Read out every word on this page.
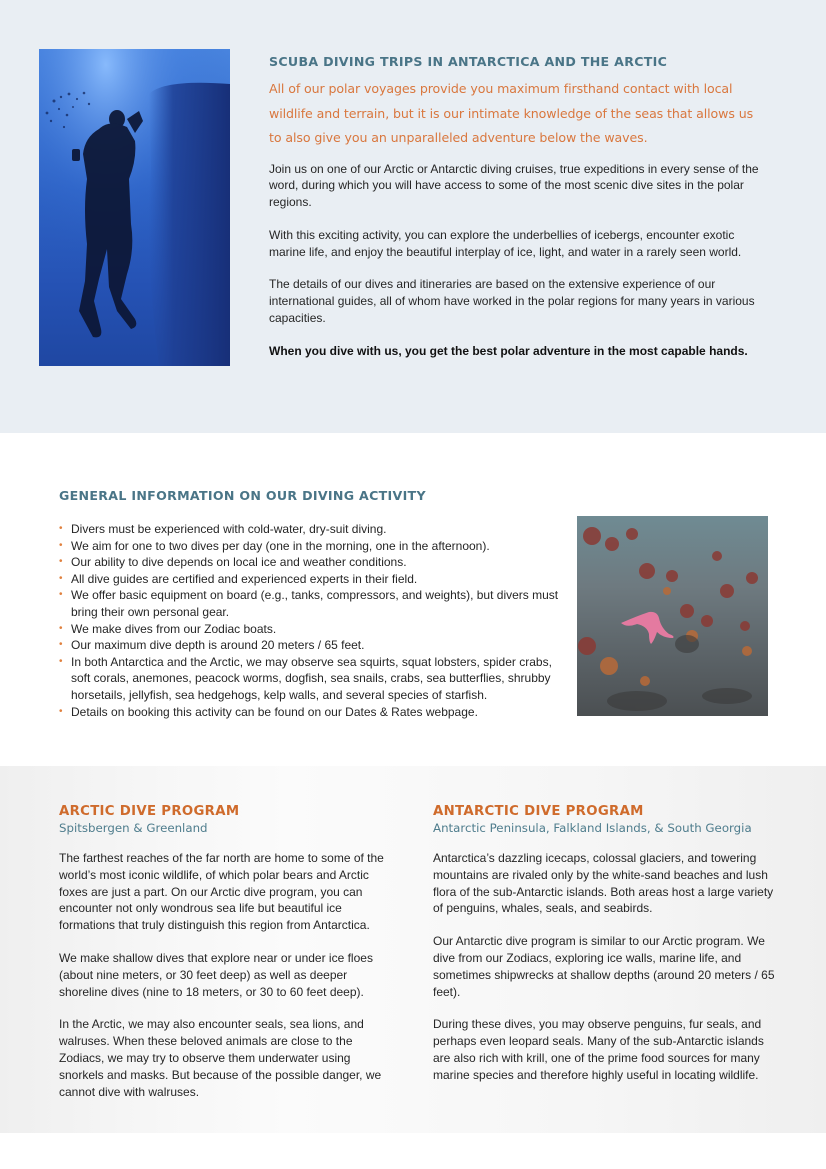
SCUBA DIVING TRIPS IN ANTARCTICA AND THE ARCTIC

All of our polar voyages provide you maximum firsthand contact with local wildlife and terrain, but it is our intimate knowledge of the seas that allows us to also give you an unparalleled adventure below the waves.

Join us on one of our Arctic or Antarctic diving cruises, true expeditions in every sense of the word, during which you will have access to some of the most scenic dive sites in the polar regions.

With this exciting activity, you can explore the underbellies of icebergs, encounter exotic marine life, and enjoy the beautiful interplay of ice, light, and water in a rarely seen world.

The details of our dives and itineraries are based on the extensive experience of our international guides, all of whom have worked in the polar regions for many years in various capacities.

When you dive with us, you get the best polar adventure in the most capable hands.

GENERAL INFORMATION ON OUR DIVING ACTIVITY
• Divers must be experienced with cold-water, dry-suit diving.
• We aim for one to two dives per day (one in the morning, one in the afternoon).
• Our ability to dive depends on local ice and weather conditions.
• All dive guides are certified and experienced experts in their field.
• We offer basic equipment on board (e.g., tanks, compressors, and weights), but divers must bring their own personal gear.
• We make dives from our Zodiac boats.
• Our maximum dive depth is around 20 meters / 65 feet.
• In both Antarctica and the Arctic, we may observe sea squirts, squat lobsters, spider crabs, soft corals, anemones, peacock worms, dogfish, sea snails, crabs, sea butterflies, shrubby horsetails, jellyfish, sea hedgehogs, kelp walls, and several species of starfish.
• Details on booking this activity can be found on our Dates & Rates webpage.
ARCTIC DIVE PROGRAM
Spitsbergen & Greenland

The farthest reaches of the far north are home to some of the world’s most iconic wildlife, of which polar bears and Arctic foxes are just a part. On our Arctic dive program, you can encounter not only wondrous sea life but beautiful ice formations that truly distinguish this region from Antarctica.

We make shallow dives that explore near or under ice floes (about nine meters, or 30 feet deep) as well as deeper shoreline dives (nine to 18 meters, or 30 to 60 feet deep).

In the Arctic, we may also encounter seals, sea lions, and walruses. When these beloved animals are close to the Zodiacs, we may try to observe them underwater using snorkels and masks. But because of the possible danger, we cannot dive with walruses.

ANTARCTIC DIVE PROGRAM
Antarctic Peninsula, Falkland Islands, & South Georgia

Antarctica’s dazzling icecaps, colossal glaciers, and towering mountains are rivaled only by the white-sand beaches and lush flora of the sub-Antarctic islands. Both areas host a large variety of penguins, whales, seals, and seabirds.

Our Antarctic dive program is similar to our Arctic program. We dive from our Zodiacs, exploring ice walls, marine life, and sometimes shipwrecks at shallow depths (around 20 meters / 65 feet).

During these dives, you may observe penguins, fur seals, and perhaps even leopard seals. Many of the sub-Antarctic islands are also rich with krill, one of the prime food sources for many marine species and therefore highly useful in locating wildlife.
